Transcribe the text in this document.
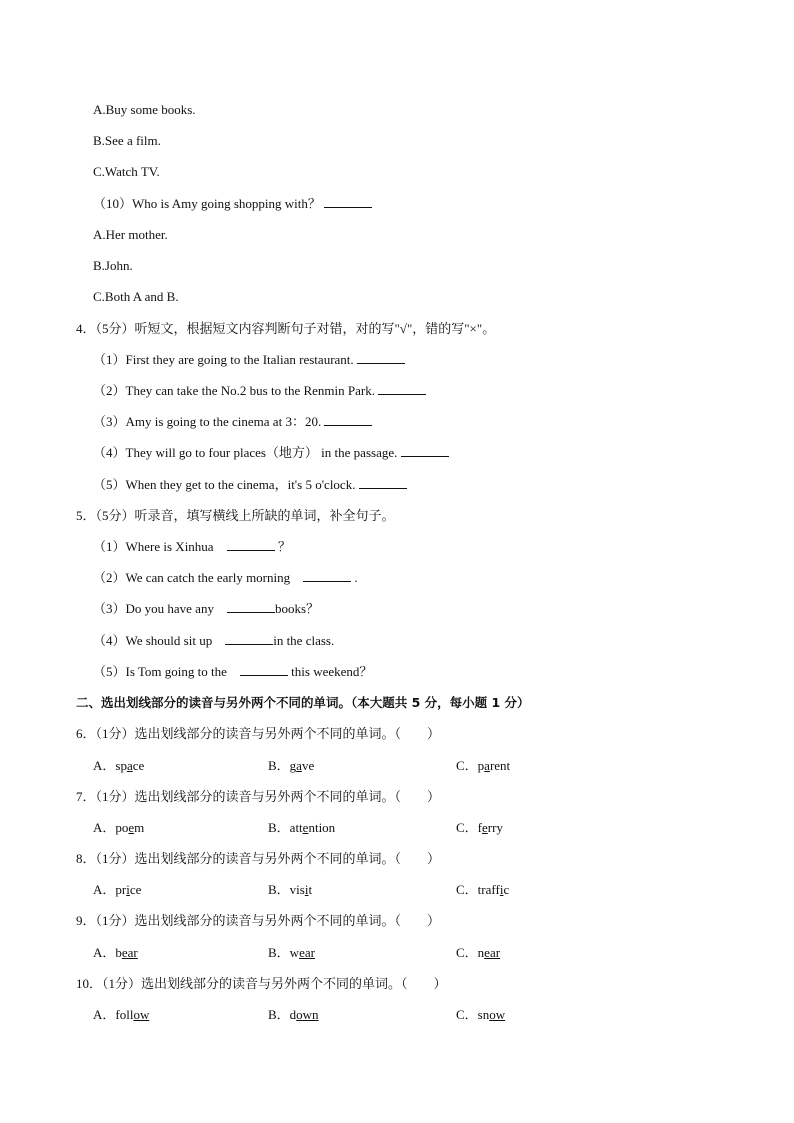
A.Buy some books.
B.See a film.
C.Watch TV.
（10）Who is Amy going shopping with？
A.Her mother.
B.John.
C.Both A and B.
4．（5分）听短文，根据短文内容判断句子对错，对的写"√"，错的写"×"。
（1）First they are going to the Italian restaurant.
（2）They can take the No.2 bus to the Renmin Park.
（3）Amy is going to the cinema at 3：20.
（4）They will go to four places（地方） in the passage.
（5）When they get to the cinema，it's 5 o'clock.
5．（5分）听录音，填写横线上所缺的单词，补全句子。
（1）Where is Xinhua	？
（2）We can catch the early morning	.
（3）Do you have any	books？
（4）We should sit up	in the class.
（5）Is Tom going to the	this weekend？
二、选出划线部分的读音与另外两个不同的单词。（本大题共 5 分，每小题 1 分）
6．（1分）选出划线部分的读音与另外两个不同的单词。（　　）
A．space	B．gave	C．parent
7．（1分）选出划线部分的读音与另外两个不同的单词。（　　）
A．poem	B．attention	C．ferry
8．（1分）选出划线部分的读音与另外两个不同的单词。（　　）
A．price	B．visit	C．traffic
9．（1分）选出划线部分的读音与另外两个不同的单词。（　　）
A．bear	B．wear	C．near
10．（1分）选出划线部分的读音与另外两个不同的单词。（　　）
A．follow	B．down	C．snow
